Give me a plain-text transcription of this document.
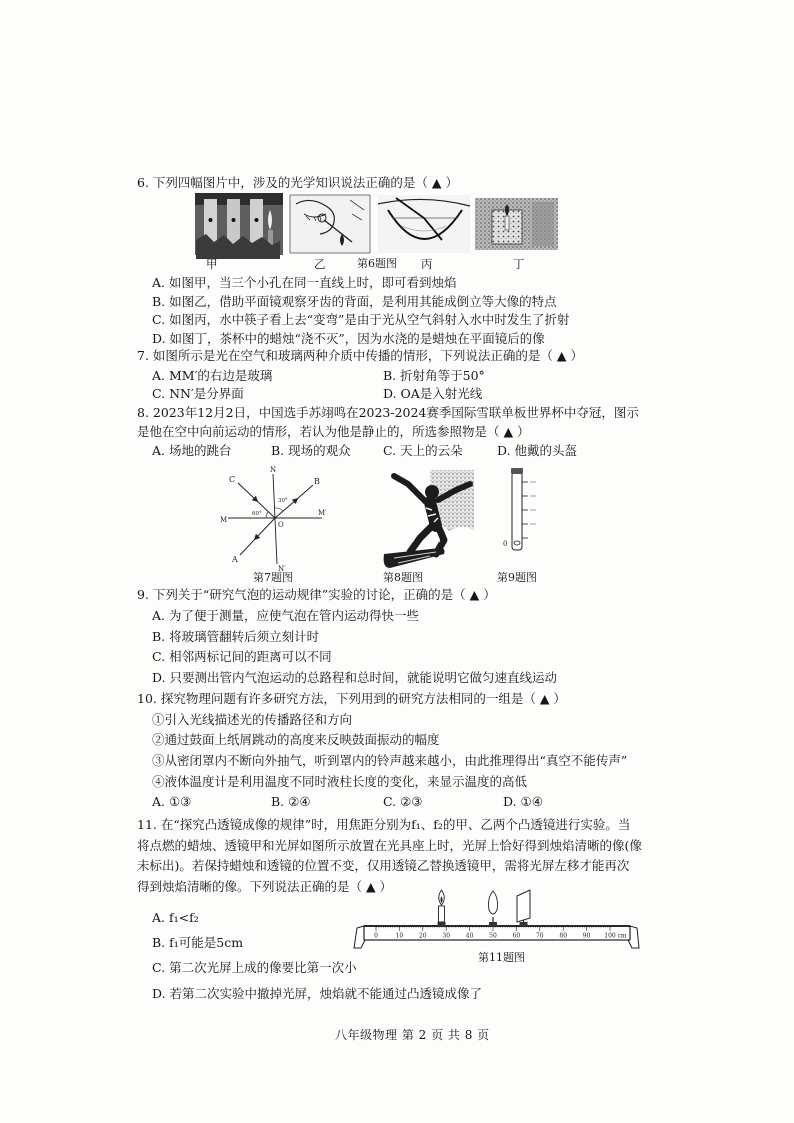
6. 下列四幅图片中，涉及的光学知识说法正确的是（ ▲ ）
甲	乙	第6题图 丙	丁
A. 如图甲，当三个小孔在同一直线上时，即可看到烛焰
B. 如图乙，借助平面镜观察牙齿的背面，是利用其能成倒立等大像的特点
C. 如图丙，水中筷子看上去“变弯”是由于光从空气斜射入水中时发生了折射
D. 如图丁，茶杯中的蜡烛“浇不灭”，因为水浇的是蜡烛在平面镜后的像
7. 如图所示是光在空气和玻璃两种介质中传播的情形，下列说法正确的是（ ▲ ）
A. MM′的右边是玻璃	B. 折射角等于50°
C. NN′是分界面	D. OA是入射光线
8. 2023年12月2日，中国选手苏翊鸣在2023-2024赛季国际雪联单板世界杯中夺冠，图示
是他在空中向前运动的情形，若认为他是静止的，所选参照物是（ ▲ ）
A. 场地的跳台	B. 现场的观众	C. 天上的云朵	D. 他戴的头盔
N
N′
M
M′
O
A
B
C
30°
60°
0
第7题图	第8题图	第9题图
9. 下列关于“研究气泡的运动规律”实验的讨论，正确的是（ ▲ ）
A. 为了便于测量，应使气泡在管内运动得快一些
B. 将玻璃管翻转后须立刻计时
C. 相邻两标记间的距离可以不同
D. 只要测出管内气泡运动的总路程和总时间，就能说明它做匀速直线运动
10. 探究物理问题有许多研究方法，下列用到的研究方法相同的一组是（ ▲ ）
①引入光线描述光的传播路径和方向
②通过鼓面上纸屑跳动的高度来反映鼓面振动的幅度
③从密闭罩内不断向外抽气，听到罩内的铃声越来越小，由此推理得出“真空不能传声”
④液体温度计是利用温度不同时液柱长度的变化，来显示温度的高低
A. ①③	B. ②④	C. ②③	D. ①④
11. 在“探究凸透镜成像的规律”时，用焦距分别为f₁、f₂的甲、乙两个凸透镜进行实验。当
将点燃的蜡烛、透镜甲和光屏如图所示放置在光具座上时，光屏上恰好得到烛焰清晰的像(像
未标出)。若保持蜡烛和透镜的位置不变，仅用透镜乙替换透镜甲，需将光屏左移才能再次
得到烛焰清晰的像。下列说法正确的是（ ▲ ）
A. f₁<f₂
B. f₁可能是5cm
C. 第二次光屏上成的像要比第一次小
D. 若第二次实验中撤掉光屏，烛焰就不能通过凸透镜成像了
0	10	20	30	40	50	60	70	80	90 100 cm
第11题图
八年级物理 第 2 页 共 8 页
